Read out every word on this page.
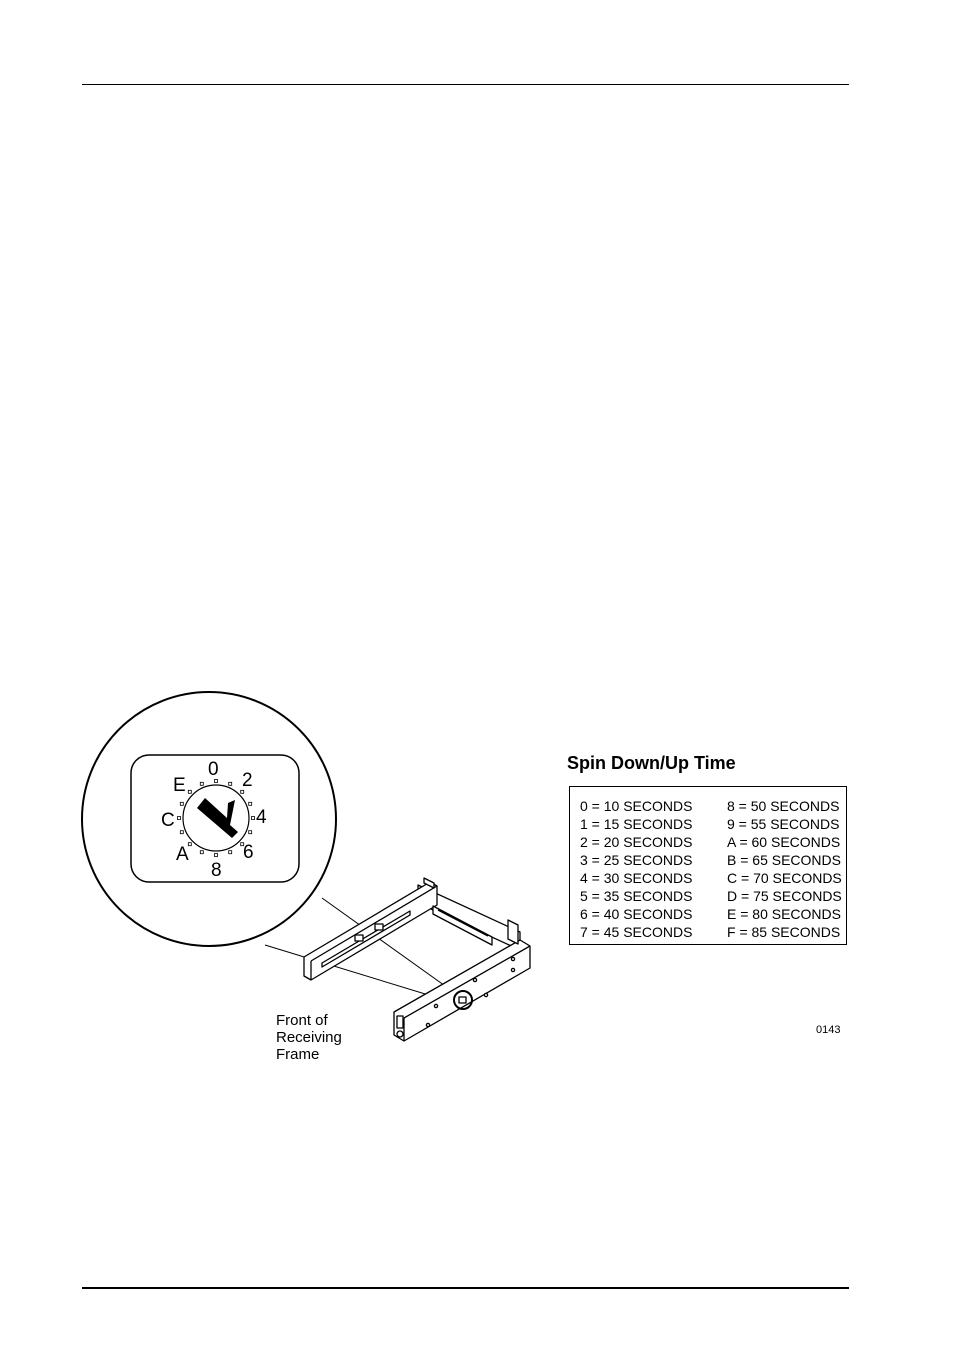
0
2
4
6
8
A
C
E
Front of
Receiving
Frame
Spin Down/Up Time
0 = 10 SECONDS
1 = 15 SECONDS
2 = 20 SECONDS
3 = 25 SECONDS
4 = 30 SECONDS
5 = 35 SECONDS
6 = 40 SECONDS
7 = 45 SECONDS
8 = 50 SECONDS
9 = 55 SECONDS
A = 60 SECONDS
B = 65 SECONDS
C = 70 SECONDS
D = 75 SECONDS
E = 80 SECONDS
F = 85 SECONDS
0143
